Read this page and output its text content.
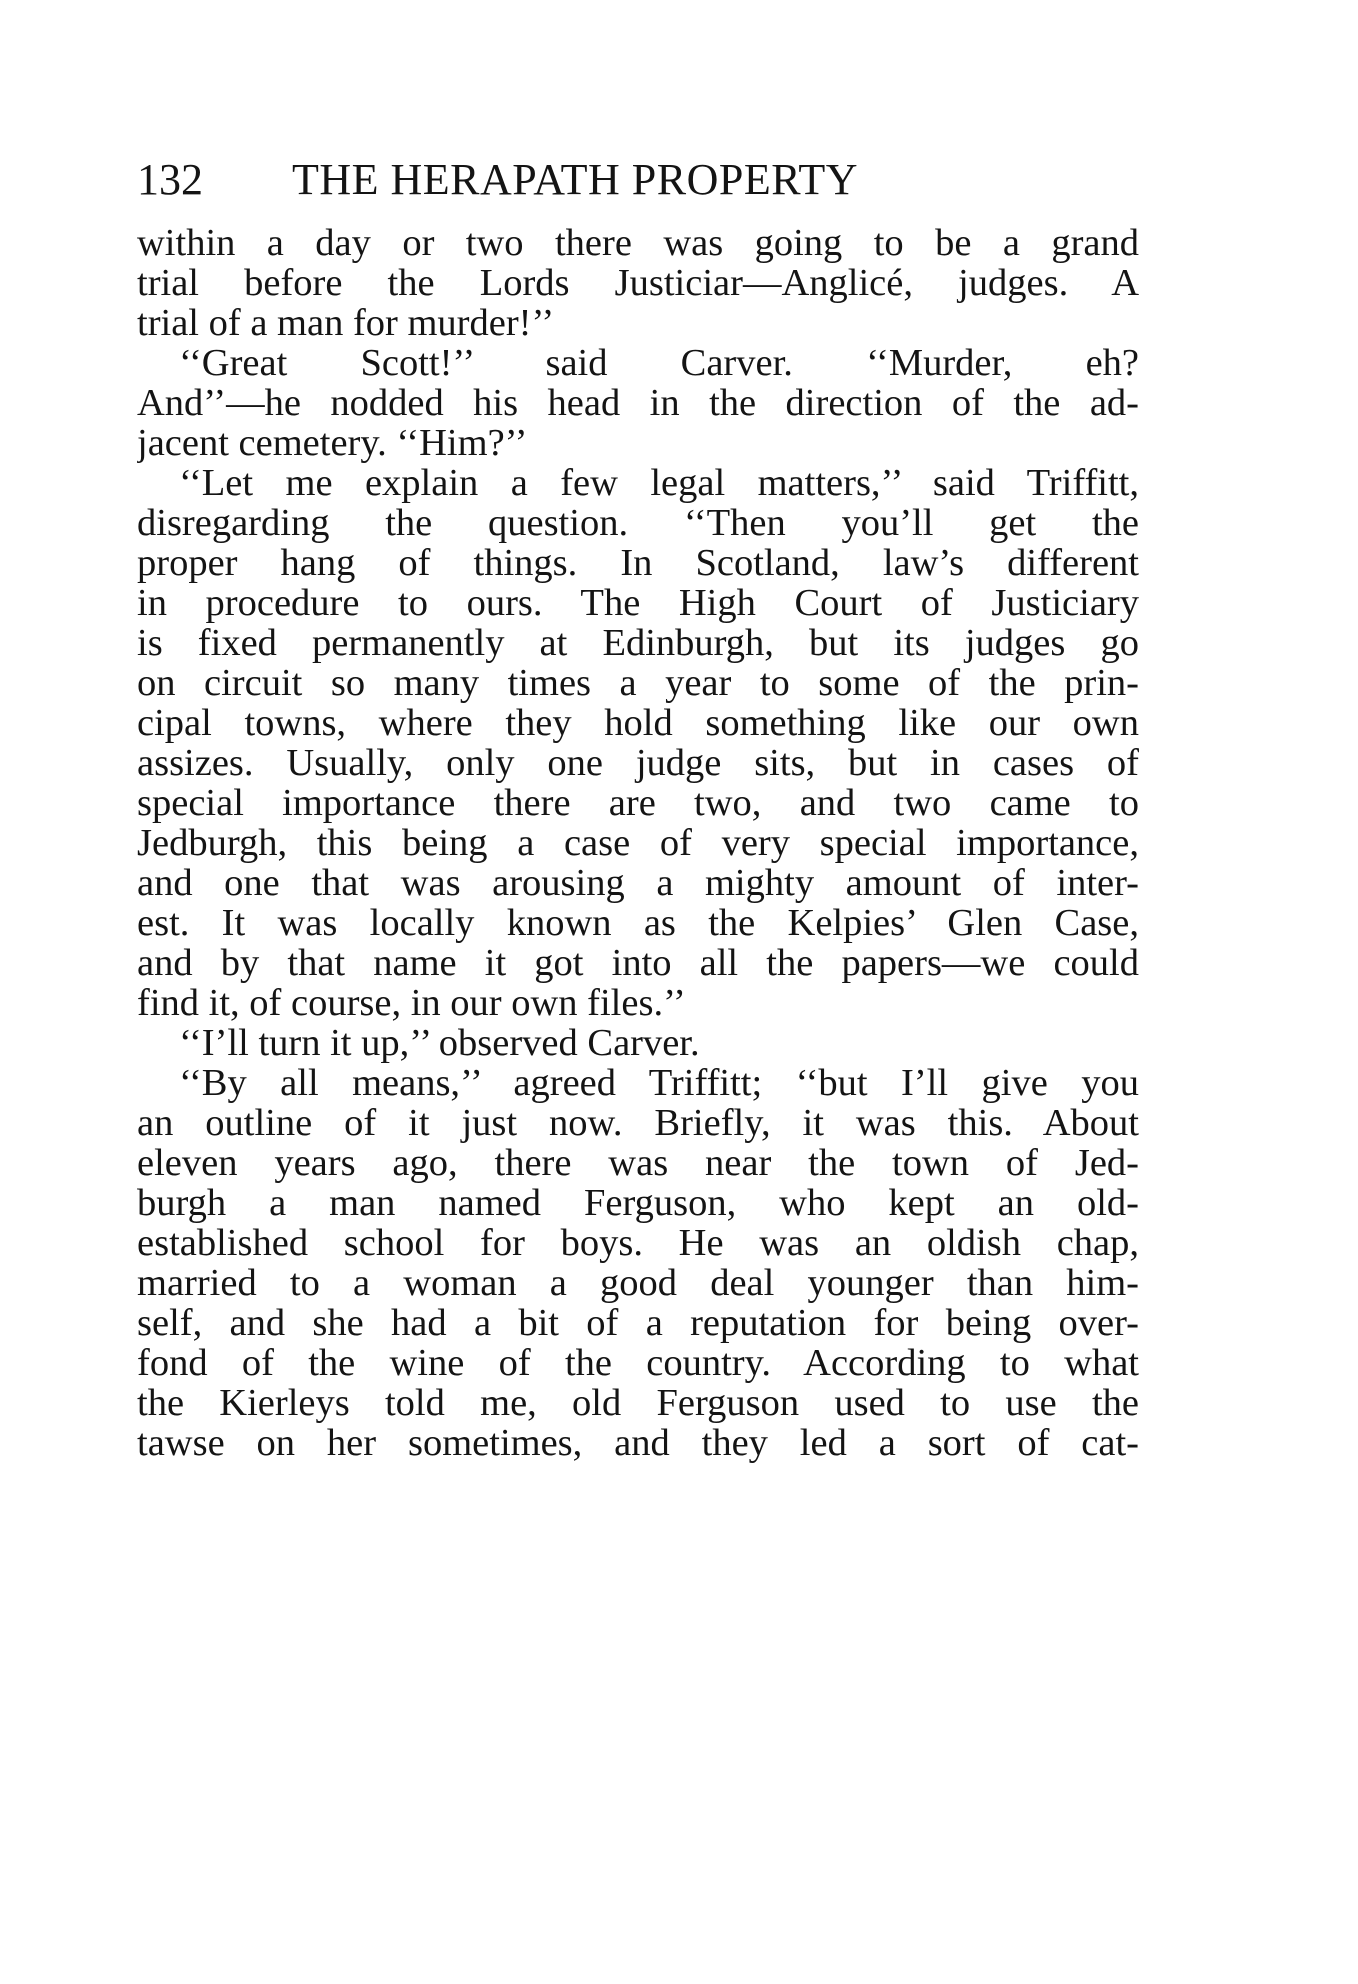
132 THE HERAPATH PROPERTY
within a day or two there was going to be a grand
trial before the Lords Justiciar—Anglicé, judges. A
trial of a man for murder!’’
‘‘Great Scott!’’ said Carver. ‘‘Murder, eh?
And’’—he nodded his head in the direction of the ad-
jacent cemetery. ‘‘Him?’’
‘‘Let me explain a few legal matters,’’ said Triffitt,
disregarding the question. ‘‘Then you’ll get the
proper hang of things. In Scotland, law’s different
in procedure to ours. The High Court of Justiciary
is fixed permanently at Edinburgh, but its judges go
on circuit so many times a year to some of the prin-
cipal towns, where they hold something like our own
assizes. Usually, only one judge sits, but in cases of
special importance there are two, and two came to
Jedburgh, this being a case of very special importance,
and one that was arousing a mighty amount of inter-
est. It was locally known as the Kelpies’ Glen Case,
and by that name it got into all the papers—we could
find it, of course, in our own files.’’
‘‘I’ll turn it up,’’ observed Carver.
‘‘By all means,’’ agreed Triffitt; ‘‘but I’ll give you
an outline of it just now. Briefly, it was this. About
eleven years ago, there was near the town of Jed-
burgh a man named Ferguson, who kept an old-
established school for boys. He was an oldish chap,
married to a woman a good deal younger than him-
self, and she had a bit of a reputation for being over-
fond of the wine of the country. According to what
the Kierleys told me, old Ferguson used to use the
tawse on her sometimes, and they led a sort of cat-
